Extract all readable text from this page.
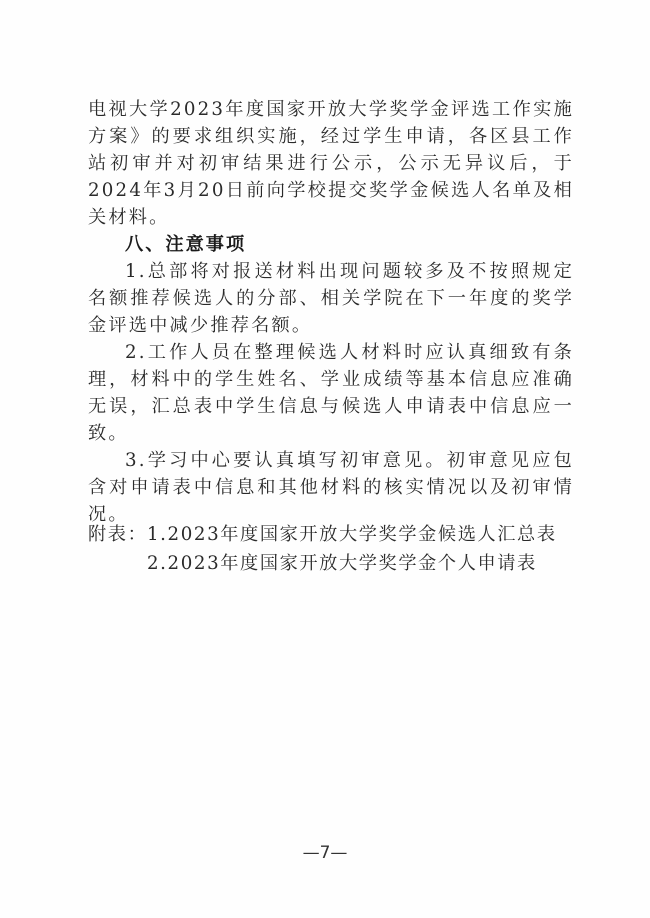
电视大学2023年度国家开放大学奖学金评选工作实施方案》的要求组织实施，经过学生申请，各区县工作站初审并对初审结果进行公示，公示无异议后，于2024年3月20日前向学校提交奖学金候选人名单及相关材料。

八、注意事项

1.总部将对报送材料出现问题较多及不按照规定名额推荐候选人的分部、相关学院在下一年度的奖学金评选中减少推荐名额。

2.工作人员在整理候选人材料时应认真细致有条理，材料中的学生姓名、学业成绩等基本信息应准确无误，汇总表中学生信息与候选人申请表中信息应一致。

3.学习中心要认真填写初审意见。初审意见应包含对申请表中信息和其他材料的核实情况以及初审情况。

附表： 1.2023年度国家开放大学奖学金候选人汇总表
2.2023年度国家开放大学奖学金个人申请表
—7—
